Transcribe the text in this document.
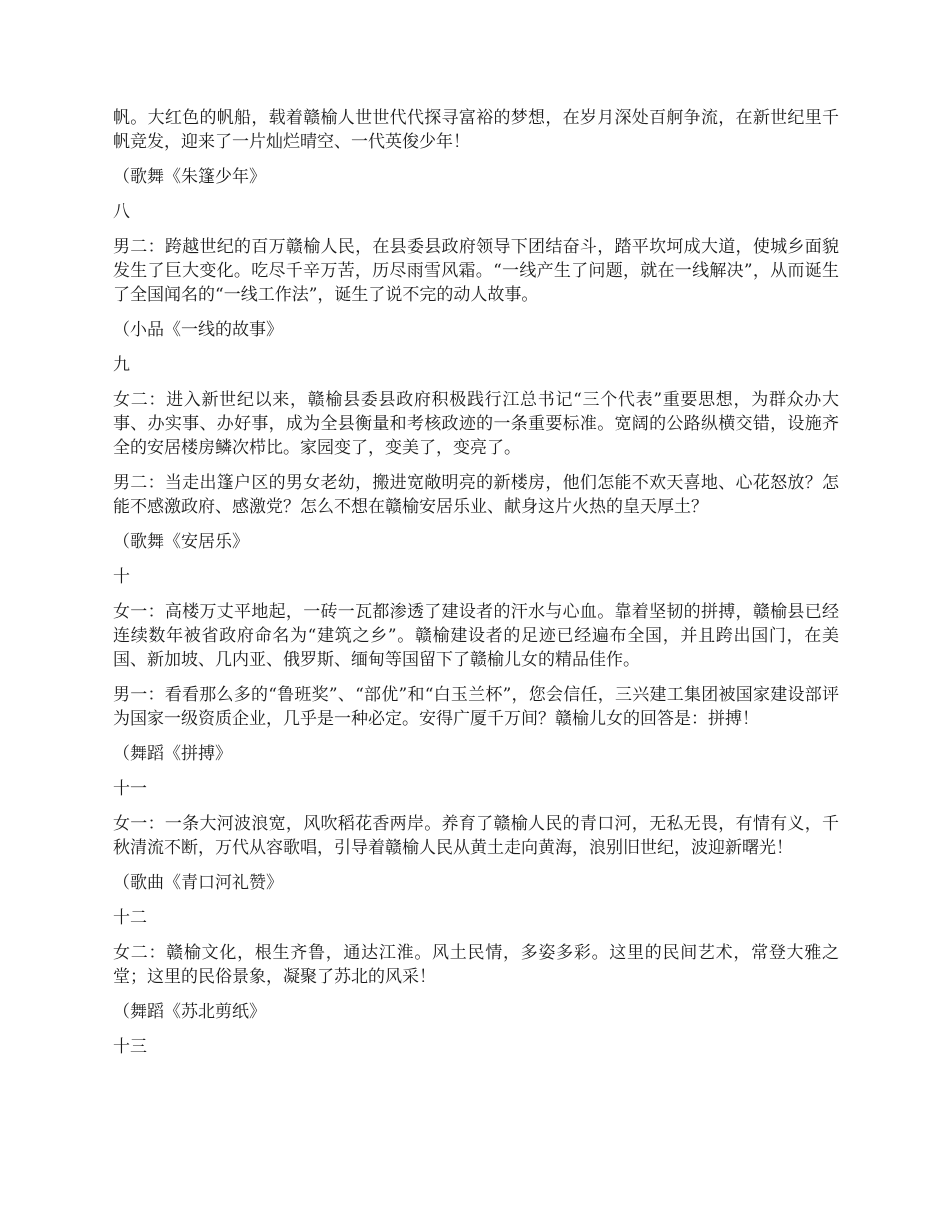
帆。大红色的帆船，载着赣榆人世世代代探寻富裕的梦想，在岁月深处百舸争流，在新世纪里千帆竞发，迎来了一片灿烂晴空、一代英俊少年！

（歌舞《朱篷少年》

八

男二：跨越世纪的百万赣榆人民，在县委县政府领导下团结奋斗，踏平坎坷成大道，使城乡面貌发生了巨大变化。吃尽千辛万苦，历尽雨雪风霜。“一线产生了问题，就在一线解决”，从而诞生了全国闻名的“一线工作法”，诞生了说不完的动人故事。

（小品《一线的故事》

九

女二：进入新世纪以来，赣榆县委县政府积极践行江总书记“三个代表”重要思想，为群众办大事、办实事、办好事，成为全县衡量和考核政迹的一条重要标准。宽阔的公路纵横交错，设施齐全的安居楼房鳞次栉比。家园变了，变美了，变亮了。

男二：当走出篷户区的男女老幼，搬进宽敞明亮的新楼房，他们怎能不欢天喜地、心花怒放？怎能不感激政府、感激党？怎么不想在赣榆安居乐业、献身这片火热的皇天厚土？

（歌舞《安居乐》

十

女一：高楼万丈平地起，一砖一瓦都渗透了建设者的汗水与心血。靠着坚韧的拼搏，赣榆县已经连续数年被省政府命名为“建筑之乡”。赣榆建设者的足迹已经遍布全国，并且跨出国门，在美国、新加坡、几内亚、俄罗斯、缅甸等国留下了赣榆儿女的精品佳作。

男一：看看那么多的“鲁班奖”、“部优”和“白玉兰杯”，您会信任，三兴建工集团被国家建设部评为国家一级资质企业，几乎是一种必定。安得广厦千万间？赣榆儿女的回答是：拼搏！

（舞蹈《拼搏》

十一

女一：一条大河波浪宽，风吹稻花香两岸。养育了赣榆人民的青口河，无私无畏，有情有义，千秋清流不断，万代从容歌唱，引导着赣榆人民从黄土走向黄海，浪别旧世纪，波迎新曙光！

（歌曲《青口河礼赞》

十二

女二：赣榆文化，根生齐鲁，通达江淮。风土民情，多姿多彩。这里的民间艺术，常登大雅之堂；这里的民俗景象，凝聚了苏北的风采！

（舞蹈《苏北剪纸》

十三
